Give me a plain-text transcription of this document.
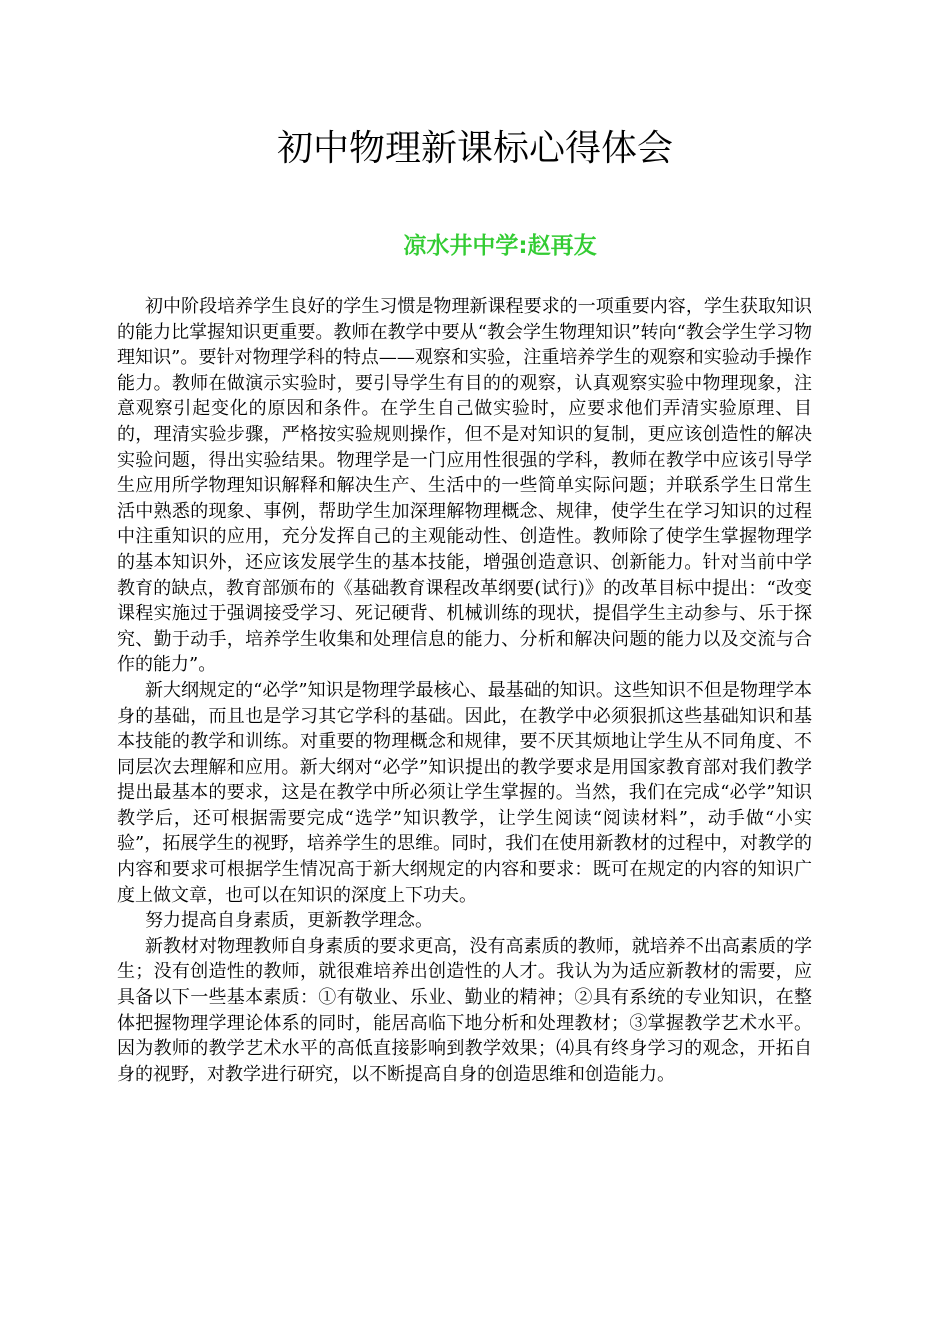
初中物理新课标心得体会
凉水井中学:赵再友

初中阶段培养学生良好的学生习惯是物理新课程要求的一项重要内容，学生获取知识的能力比掌握知识更重要。教师在教学中要从“教会学生物理知识”转向“教会学生学习物理知识”。要针对物理学科的特点——观察和实验，注重培养学生的观察和实验动手操作能力。教师在做演示实验时，要引导学生有目的的观察，认真观察实验中物理现象，注意观察引起变化的原因和条件。在学生自己做实验时，应要求他们弄清实验原理、目的，理清实验步骤，严格按实验规则操作，但不是对知识的复制，更应该创造性的解决实验问题，得出实验结果。物理学是一门应用性很强的学科，教师在教学中应该引导学生应用所学物理知识解释和解决生产、生活中的一些简单实际问题；并联系学生日常生活中熟悉的现象、事例，帮助学生加深理解物理概念、规律，使学生在学习知识的过程中注重知识的应用，充分发挥自己的主观能动性、创造性。教师除了使学生掌握物理学的基本知识外，还应该发展学生的基本技能，增强创造意识、创新能力。针对当前中学教育的缺点，教育部颁布的《基础教育课程改革纲要(试行)》的改革目标中提出：“改变课程实施过于强调接受学习、死记硬背、机械训练的现状，提倡学生主动参与、乐于探究、勤于动手，培养学生收集和处理信息的能力、分析和解决问题的能力以及交流与合作的能力”。

新大纲规定的“必学”知识是物理学最核心、最基础的知识。这些知识不但是物理学本身的基础，而且也是学习其它学科的基础。因此，在教学中必须狠抓这些基础知识和基本技能的教学和训练。对重要的物理概念和规律，要不厌其烦地让学生从不同角度、不同层次去理解和应用。新大纲对“必学”知识提出的教学要求是用国家教育部对我们教学提出最基本的要求，这是在教学中所必须让学生掌握的。当然，我们在完成“必学”知识教学后，还可根据需要完成“选学”知识教学，让学生阅读“阅读材料”，动手做“小实验”，拓展学生的视野，培养学生的思维。同时，我们在使用新教材的过程中，对教学的内容和要求可根据学生情况高于新大纲规定的内容和要求：既可在规定的内容的知识广度上做文章，也可以在知识的深度上下功夫。

努力提高自身素质，更新教学理念。

新教材对物理教师自身素质的要求更高，没有高素质的教师，就培养不出高素质的学生；没有创造性的教师，就很难培养出创造性的人才。我认为为适应新教材的需要，应具备以下一些基本素质：①有敬业、乐业、勤业的精神；②具有系统的专业知识，在整体把握物理学理论体系的同时，能居高临下地分析和处理教材；③掌握教学艺术水平。因为教师的教学艺术水平的高低直接影响到教学效果；⑷具有终身学习的观念，开拓自身的视野，对教学进行研究，以不断提高自身的创造思维和创造能力。
